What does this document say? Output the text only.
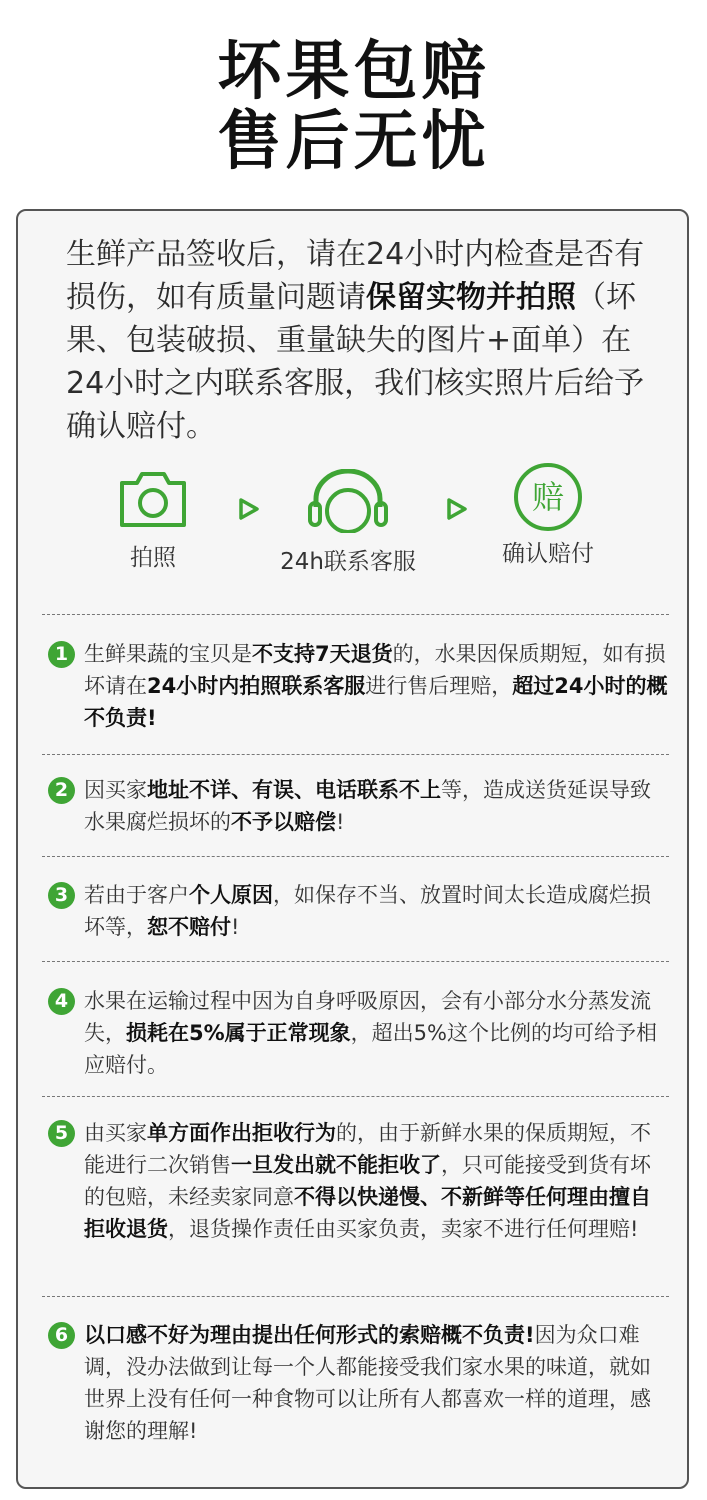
坏果包赔
售后无忧
生鲜产品签收后，请在24小时内检查是否有损伤，如有质量问题请保留实物并拍照（坏果、包装破损、重量缺失的图片+面单）在24小时之内联系客服，我们核实照片后给予确认赔付。
拍照	24h联系客服
赔
确认赔付
1 生鲜果蔬的宝贝是不支持7天退货的，水果因保质期短，如有损坏请在24小时内拍照联系客服进行售后理赔，超过24小时的概不负责!
2 因买家地址不详、有误、电话联系不上等，造成送货延误导致水果腐烂损坏的不予以赔偿!
3 若由于客户个人原因，如保存不当、放置时间太长造成腐烂损坏等，恕不赔付!
4 水果在运输过程中因为自身呼吸原因，会有小部分水分蒸发流失，损耗在5%属于正常现象，超出5%这个比例的均可给予相应赔付。
5 由买家单方面作出拒收行为的，由于新鲜水果的保质期短，不能进行二次销售一旦发出就不能拒收了，只可能接受到货有坏的包赔，未经卖家同意不得以快递慢、不新鲜等任何理由擅自拒收退货，退货操作责任由买家负责，卖家不进行任何理赔!
6 以口感不好为理由提出任何形式的索赔概不负责!因为众口难调，没办法做到让每一个人都能接受我们家水果的味道，就如世界上没有任何一种食物可以让所有人都喜欢一样的道理，感谢您的理解!
